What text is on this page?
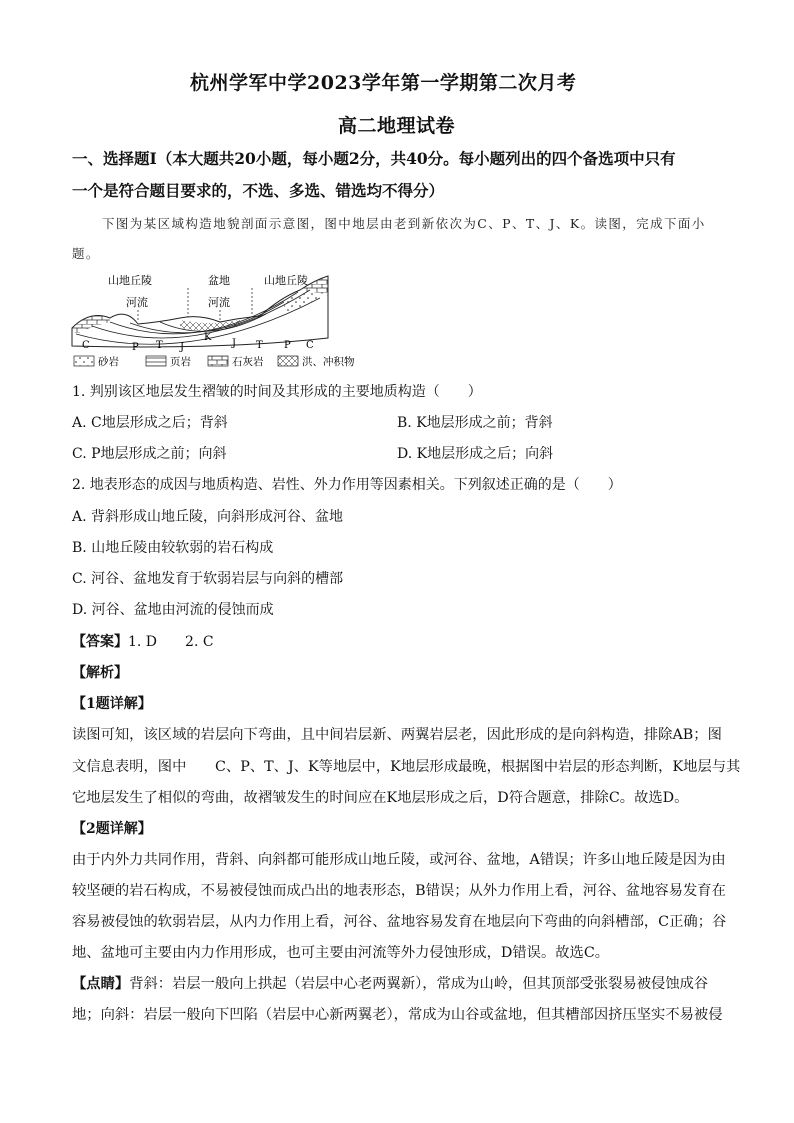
杭州学军中学2023学年第一学期第二次月考
高二地理试卷
一、选择题Ⅰ（本大题共20小题，每小题2分，共40分。每小题列出的四个备选项中只有
一个是符合题目要求的，不选、多选、错选均不得分）
下图为某区域构造地貌剖面示意图，图中地层由老到新依次为C、P、T、J、K。读图，完成下面小
题。
山地丘陵	盆地	山地丘陵
河流	河流
C	P T J
K
J T P C
砂岩	页岩	石灰岩	洪、冲积物
1. 判别该区地层发生褶皱的时间及其形成的主要地质构造（　　）
A. C地层形成之后；背斜	B. K地层形成之前；背斜
C. P地层形成之前；向斜	D. K地层形成之后；向斜
2. 地表形态的成因与地质构造、岩性、外力作用等因素相关。下列叙述正确的是（　　）
A. 背斜形成山地丘陵，向斜形成河谷、盆地
B. 山地丘陵由较软弱的岩石构成
C. 河谷、盆地发育于软弱岩层与向斜的槽部
D. 河谷、盆地由河流的侵蚀而成
【答案】1. D　　2. C
【解析】
【1题详解】
读图可知，该区域的岩层向下弯曲，且中间岩层新、两翼岩层老，因此形成的是向斜构造，排除AB；图
文信息表明，图中　　C、P、T、J、K等地层中，K地层形成最晚，根据图中岩层的形态判断，K地层与其
它地层发生了相似的弯曲，故褶皱发生的时间应在K地层形成之后，D符合题意，排除C。故选D。
【2题详解】
由于内外力共同作用，背斜、向斜都可能形成山地丘陵，或河谷、盆地，A错误；许多山地丘陵是因为由
较坚硬的岩石构成，不易被侵蚀而成凸出的地表形态，B错误；从外力作用上看，河谷、盆地容易发育在
容易被侵蚀的软弱岩层，从内力作用上看，河谷、盆地容易发育在地层向下弯曲的向斜槽部，C正确；谷
地、盆地可主要由内力作用形成，也可主要由河流等外力侵蚀形成，D错误。故选C。
【点睛】背斜：岩层一般向上拱起（岩层中心老两翼新），常成为山岭，但其顶部受张裂易被侵蚀成谷
地；向斜：岩层一般向下凹陷（岩层中心新两翼老），常成为山谷或盆地，但其槽部因挤压坚实不易被侵
